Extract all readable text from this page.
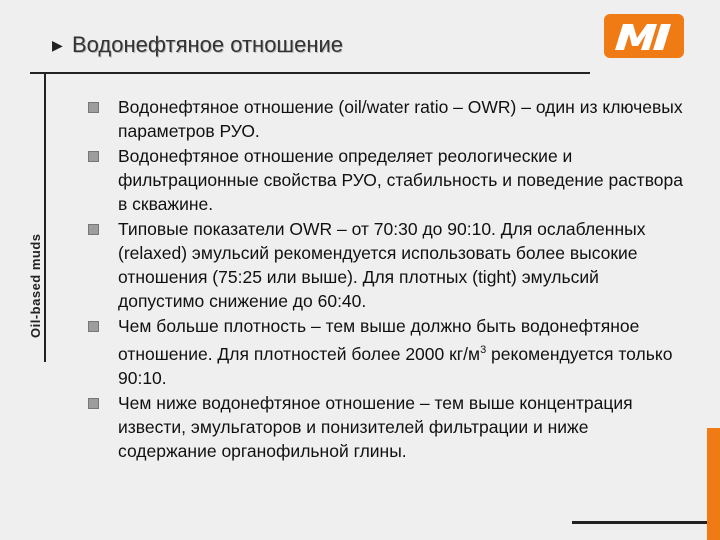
Oil-based muds
▶ Водонефтяное отношение
Водонефтяное отношение (oil/water ratio – OWR) – один из ключевых параметров РУО.
Водонефтяное отношение определяет реологические и фильтрационные свойства РУО, стабильность и поведение раствора в скважине.
Типовые показатели OWR – от 70:30 до 90:10. Для ослабленных (relaxed) эмульсий рекомендуется использовать более высокие отношения (75:25 или выше). Для плотных (tight) эмульсий допустимо снижение до 60:40.
Чем больше плотность – тем выше должно быть водонефтяное отношение. Для плотностей более 2000 $кг/м^3$ рекомендуется только 90:10.
Чем ниже водонефтяное отношение – тем выше концентрация извести, эмульгаторов и понизителей фильтрации и ниже содержание органофильной глины.
